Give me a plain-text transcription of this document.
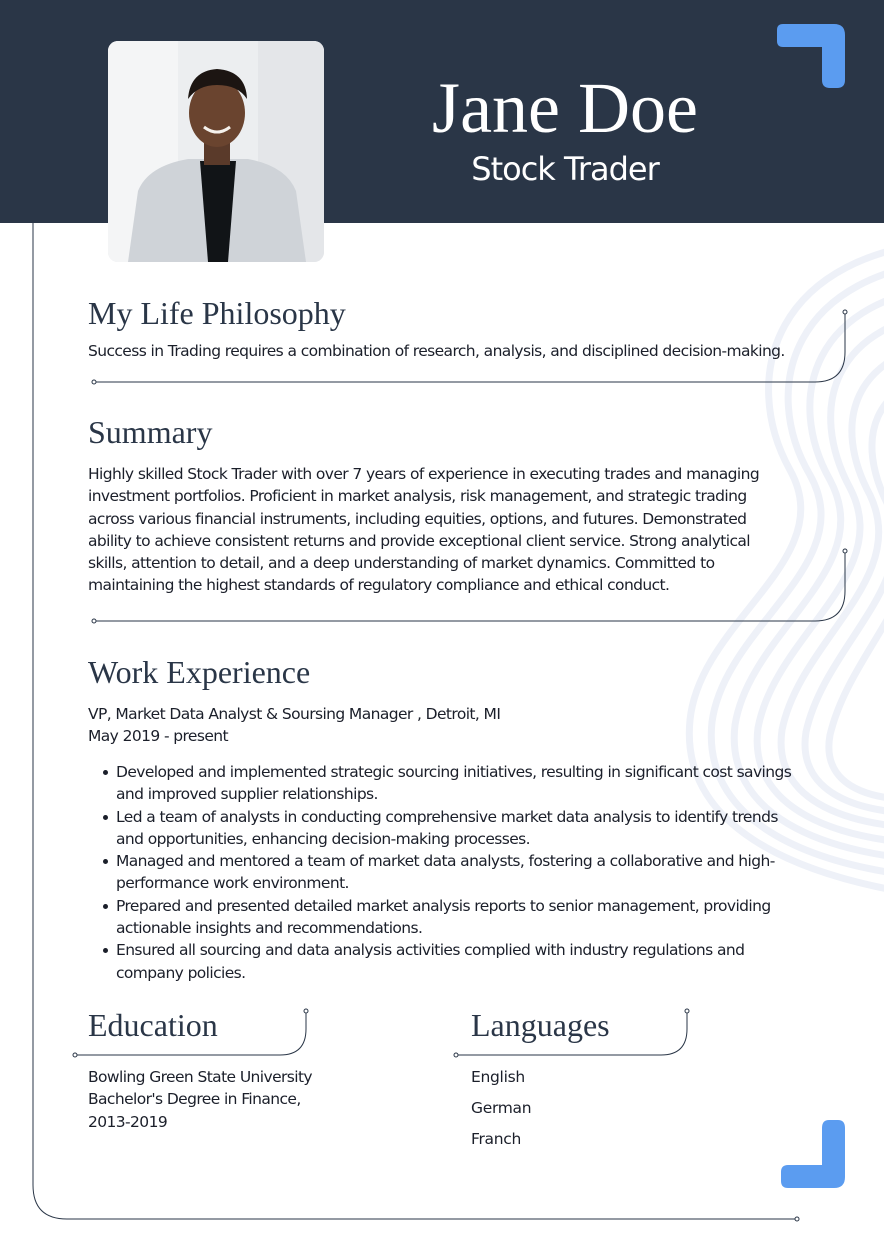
Jane Doe
Stock Trader
My Life Philosophy
Success in Trading requires a combination of research, analysis, and disciplined decision-making.
Summary
Highly skilled Stock Trader with over 7 years of experience in executing trades and managing investment portfolios. Proficient in market analysis, risk management, and strategic trading across various financial instruments, including equities, options, and futures. Demonstrated ability to achieve consistent returns and provide exceptional client service. Strong analytical skills, attention to detail, and a deep understanding of market dynamics. Committed to maintaining the highest standards of regulatory compliance and ethical conduct.
Work Experience
VP, Market Data Analyst & Soursing Manager , Detroit, MI
May 2019 - present
Developed and implemented strategic sourcing initiatives, resulting in significant cost savings and improved supplier relationships.
Led a team of analysts in conducting comprehensive market data analysis to identify trends and opportunities, enhancing decision-making processes.
Managed and mentored a team of market data analysts, fostering a collaborative and high-performance work environment.
Prepared and presented detailed market analysis reports to senior management, providing actionable insights and recommendations.
Ensured all sourcing and data analysis activities complied with industry regulations and company policies.
Education
Bowling Green State University
Bachelor's Degree in Finance,
2013-2019
Languages
English
German
Franch
